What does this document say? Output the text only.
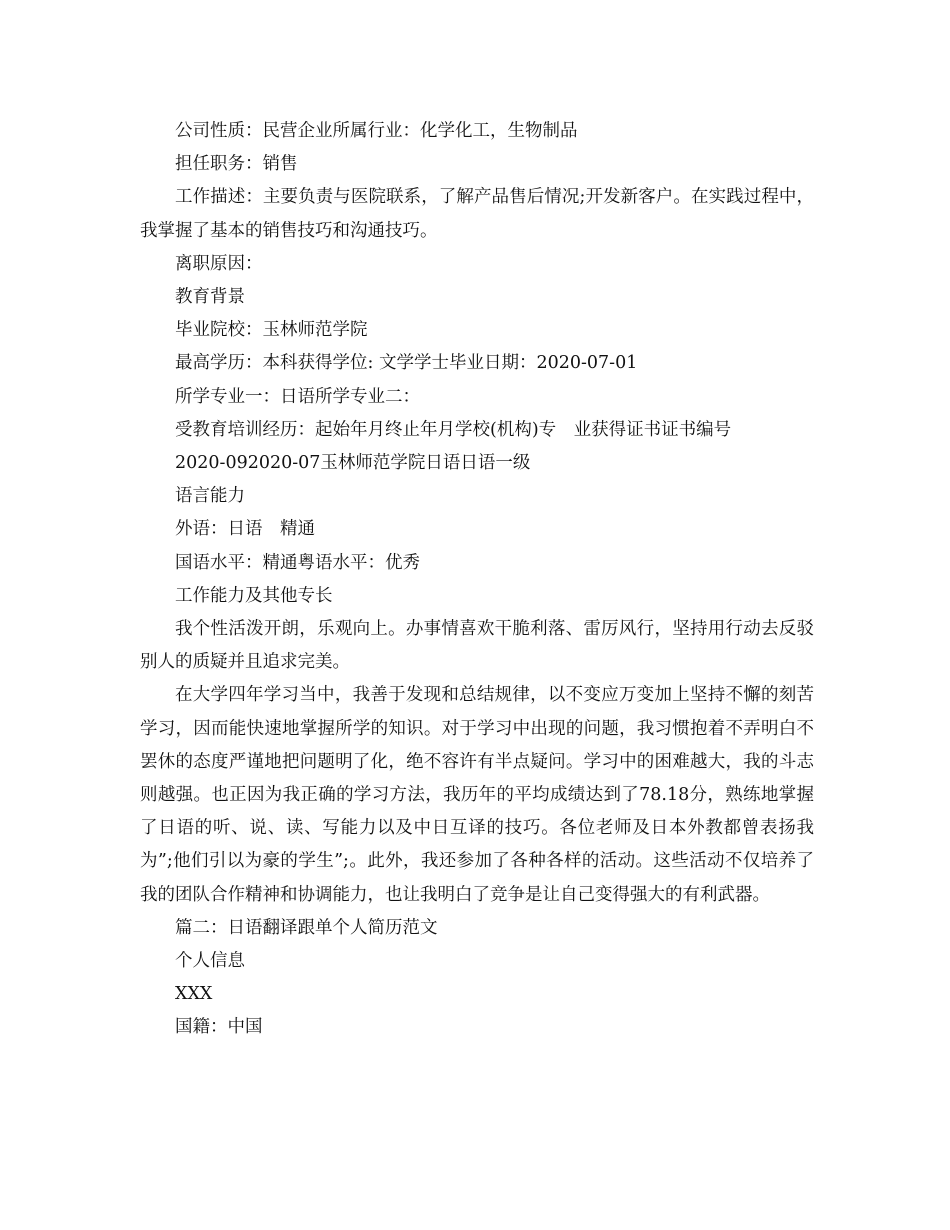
公司性质：民营企业所属行业：化学化工，生物制品

担任职务：销售

工作描述：主要负责与医院联系，了解产品售后情况;开发新客户。在实践过程中，我掌握了基本的销售技巧和沟通技巧。

离职原因：

教育背景

毕业院校：玉林师范学院

最高学历：本科获得学位: 文学学士毕业日期：2020-07-01

所学专业一：日语所学专业二：

受教育培训经历：起始年月终止年月学校(机构)专　业获得证书证书编号

2020-092020-07玉林师范学院日语日语一级

语言能力

外语：日语　精通

国语水平：精通粤语水平：优秀

工作能力及其他专长

我个性活泼开朗，乐观向上。办事情喜欢干脆利落、雷厉风行，坚持用行动去反驳别人的质疑并且追求完美。

在大学四年学习当中，我善于发现和总结规律，以不变应万变加上坚持不懈的刻苦学习，因而能快速地掌握所学的知识。对于学习中出现的问题，我习惯抱着不弄明白不罢休的态度严谨地把问题明了化，绝不容许有半点疑问。学习中的困难越大，我的斗志则越强。也正因为我正确的学习方法，我历年的平均成绩达到了78.18分，熟练地掌握了日语的听、说、读、写能力以及中日互译的技巧。各位老师及日本外教都曾表扬我为”;他们引以为豪的学生”;。此外，我还参加了各种各样的活动。这些活动不仅培养了我的团队合作精神和协调能力，也让我明白了竞争是让自己变得强大的有利武器。

篇二：日语翻译跟单个人简历范文

个人信息

XXX

国籍：中国
